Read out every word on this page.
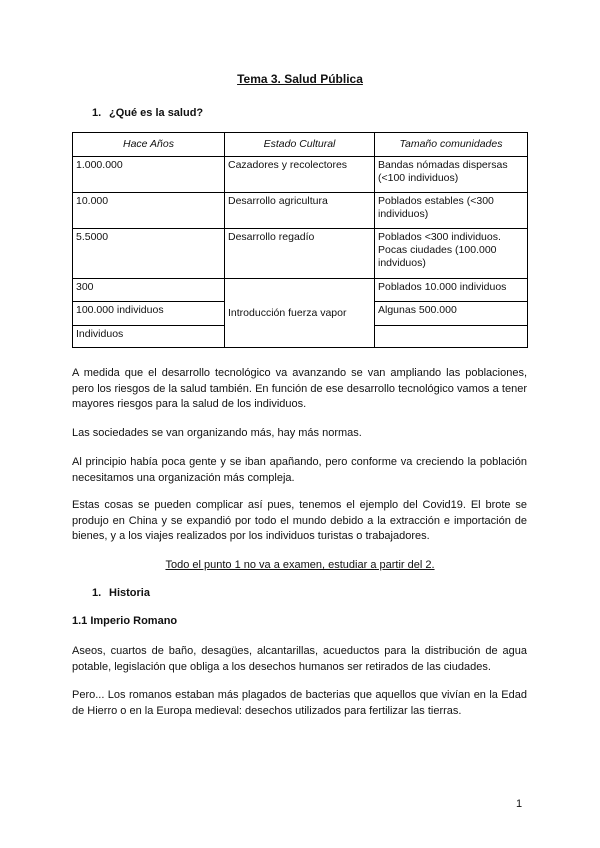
Tema 3. Salud Pública
1. ¿Qué es la salud?
Hace Años	Estado Cultural	Tamaño comunidades
1.000.000	Cazadores y recolectores	Bandas nómadas dispersas (<100 individuos)
10.000	Desarrollo agricultura	Poblados estables (<300 individuos)
5.5000	Desarrollo regadío	Poblados <300 individuos. Pocas ciudades (100.000 indviduos)
300	Introducción fuerza vapor	Poblados 10.000 individuos
100.000 individuos		Algunas 500.000
Individuos		
A medida que el desarrollo tecnológico va avanzando se van ampliando las poblaciones, pero los riesgos de la salud también. En función de ese desarrollo tecnológico vamos a tener mayores riesgos para la salud de los individuos.
Las sociedades se van organizando más, hay más normas.
Al principio había poca gente y se iban apañando, pero conforme va creciendo la población necesitamos una organización más compleja.
Estas cosas se pueden complicar así pues, tenemos el ejemplo del Covid19. El brote se produjo en China y se expandió por todo el mundo debido a la extracción e importación de bienes, y a los viajes realizados por los individuos turistas o trabajadores.
Todo el punto 1 no va a examen, estudiar a partir del 2.
1. Historia
1.1 Imperio Romano
Aseos, cuartos de baño, desagües, alcantarillas, acueductos para la distribución de agua potable, legislación que obliga a los desechos humanos ser retirados de las ciudades.
Pero... Los romanos estaban más plagados de bacterias que aquellos que vivían en la Edad de Hierro o en la Europa medieval: desechos utilizados para fertilizar las tierras.
1
